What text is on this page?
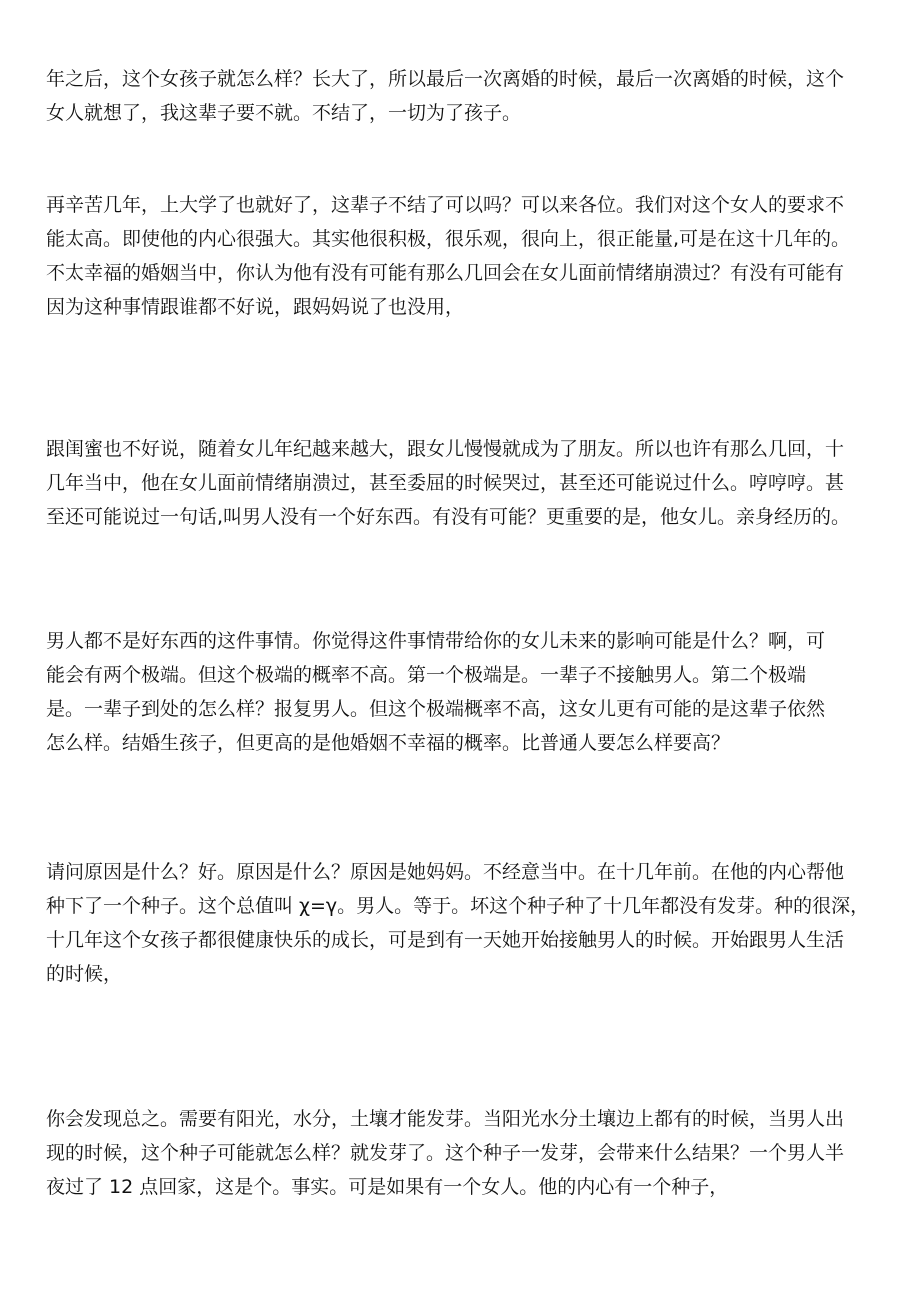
年之后，这个女孩子就怎么样？长大了，所以最后一次离婚的时候，最后一次离婚的时候，这个
女人就想了，我这辈子要不就。不结了，一切为了孩子。

再辛苦几年，上大学了也就好了，这辈子不结了可以吗？可以来各位。我们对这个女人的要求不
能太高。即使他的内心很强大。其实他很积极，很乐观，很向上，很正能量,可是在这十几年的。
不太幸福的婚姻当中，你认为他有没有可能有那么几回会在女儿面前情绪崩溃过？有没有可能有
因为这种事情跟谁都不好说，跟妈妈说了也没用，

跟闺蜜也不好说，随着女儿年纪越来越大，跟女儿慢慢就成为了朋友。所以也许有那么几回，十
几年当中，他在女儿面前情绪崩溃过，甚至委屈的时候哭过，甚至还可能说过什么。哼哼哼。甚
至还可能说过一句话,叫男人没有一个好东西。有没有可能？更重要的是，他女儿。亲身经历的。

男人都不是好东西的这件事情。你觉得这件事情带给你的女儿未来的影响可能是什么？啊，可
能会有两个极端。但这个极端的概率不高。第一个极端是。一辈子不接触男人。第二个极端
是。一辈子到处的怎么样？报复男人。但这个极端概率不高，这女儿更有可能的是这辈子依然
怎么样。结婚生孩子，但更高的是他婚姻不幸福的概率。比普通人要怎么样要高？

请问原因是什么？好。原因是什么？原因是她妈妈。不经意当中。在十几年前。在他的内心帮他
种下了一个种子。这个总值叫 χ=γ。男人。等于。坏这个种子种了十几年都没有发芽。种的很深，
十几年这个女孩子都很健康快乐的成长，可是到有一天她开始接触男人的时候。开始跟男人生活
的时候，

你会发现总之。需要有阳光，水分，土壤才能发芽。当阳光水分土壤边上都有的时候，当男人出
现的时候，这个种子可能就怎么样？就发芽了。这个种子一发芽，会带来什么结果？一个男人半
夜过了 12 点回家，这是个。事实。可是如果有一个女人。他的内心有一个种子，
